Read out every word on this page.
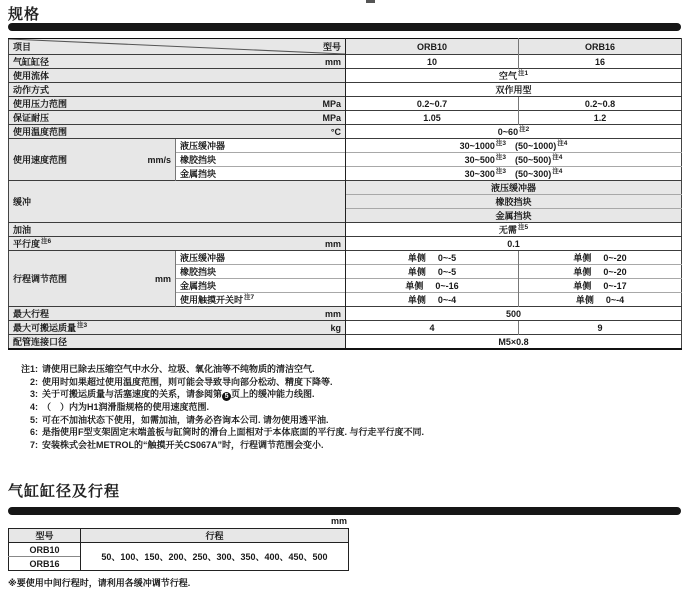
规格
项目 型号		ORB10	ORB16

气缸缸径 mm		10	16
使用流体		空气$^{注1}$
动作方式		双作用型	

使用压力范围 MPa		0.2~0.7	0.2~0.8

保证耐压 MPa		1.05	1.2

使用温度范围 °C		0~60$^{注2}$

使用速度范围 mm/s	液压缓冲器	30~1000$^{注3}$ (50~1000)$^{注4}$
	橡胶挡块	30~500$^{注3}$ (50~500)$^{注4}$
	金属挡块	30~300$^{注3}$ (50~300)$^{注4}$
缓冲		液压缓冲器	
		橡胶挡块	
		金属挡块	
加油		无需$^{注5}$

平行度$^{注6}$ mm		0.1	

行程调节范围 mm	液压缓冲器	单侧 0~-5	单侧 0~-20
	橡胶挡块	单侧 0~-5	单侧 0~-20
	金属挡块	单侧 0~-16	单侧 0~-17
	使用触摸开关时$^{注7}$	单侧 0~-4	单侧 0~-4

最大行程 mm		500	

最大可搬运质量$^{注3}$ kg		4	9
配管连接口径		M5×0.8	
注1: 请使用已除去压缩空气中水分、垃圾、氧化油等不纯物质的清洁空气.
2: 使用时如果超过使用温度范围，则可能会导致导向部分松动、精度下降等.
3: 关于可搬运质量与活塞速度的关系，请参阅第 5 页上的缓冲能力线图.
4: （　）内为H1润滑脂规格的使用速度范围.
5: 可在不加油状态下使用，如需加油，请务必咨询本公司. 请勿使用透平油.
6: 是指使用F型支架固定末端盖板与缸筒时的滑台上面相对于本体底面的平行度. 与行走平行度不同.
7: 安装株式会社METROL的“触摸开关CS067A”时，行程调节范围会变小.
气缸缸径及行程
mm
型号	行程
ORB10	50、100、150、200、250、300、350、400、450、500
ORB16	
※要使用中间行程时，请利用各缓冲调节行程.
